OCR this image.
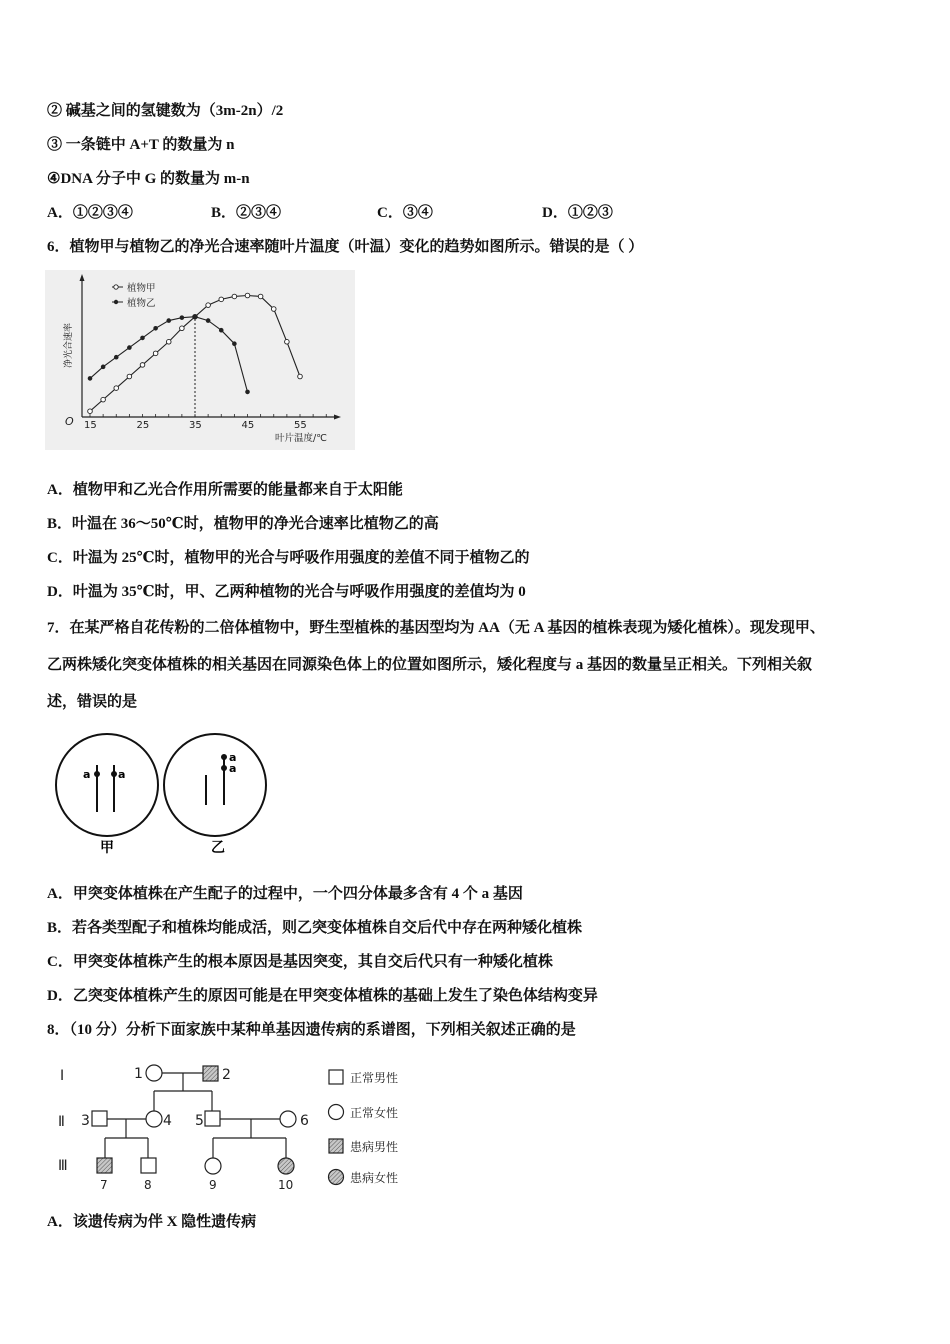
② 碱基之间的氢键数为（3m-2n）/2
③ 一条链中 A+T 的数量为 n
④DNA 分子中 G 的数量为 m-n
A．①②③④	B．②③④	C．③④	D．①②③
6．植物甲与植物乙的净光合速率随叶片温度（叶温）变化的趋势如图所示。错误的是（ ）
15	25	35	45	55
O
叶片温度/℃
净光合速率
植物甲
植物乙
A．植物甲和乙光合作用所需要的能量都来自于太阳能
B．叶温在 36～50℃时，植物甲的净光合速率比植物乙的高
C．叶温为 25℃时，植物甲的光合与呼吸作用强度的差值不同于植物乙的
D．叶温为 35℃时，甲、乙两种植物的光合与呼吸作用强度的差值均为 0
7．在某严格自花传粉的二倍体植物中，野生型植株的基因型均为 AA（无 A 基因的植株表现为矮化植株）。现发现甲、
乙两株矮化突变体植株的相关基因在同源染色体上的位置如图所示，矮化程度与 a 基因的数量呈正相关。下列相关叙
述，错误的是
a	a
甲
a
a
乙
A．甲突变体植株在产生配子的过程中，一个四分体最多含有 4 个 a 基因
B．若各类型配子和植株均能成活，则乙突变体植株自交后代中存在两种矮化植株
C．甲突变体植株产生的根本原因是基因突变，其自交后代只有一种矮化植株
D．乙突变体植株产生的原因可能是在甲突变体植株的基础上发生了染色体结构变异
8．（10 分）分析下面家族中某种单基因遗传病的系谱图，下列相关叙述正确的是
Ⅰ
Ⅱ
Ⅲ
1	2
3	4 5	6
7	8	9	10
正常男性
正常女性
患病男性
患病女性
A．该遗传病为伴 X 隐性遗传病
